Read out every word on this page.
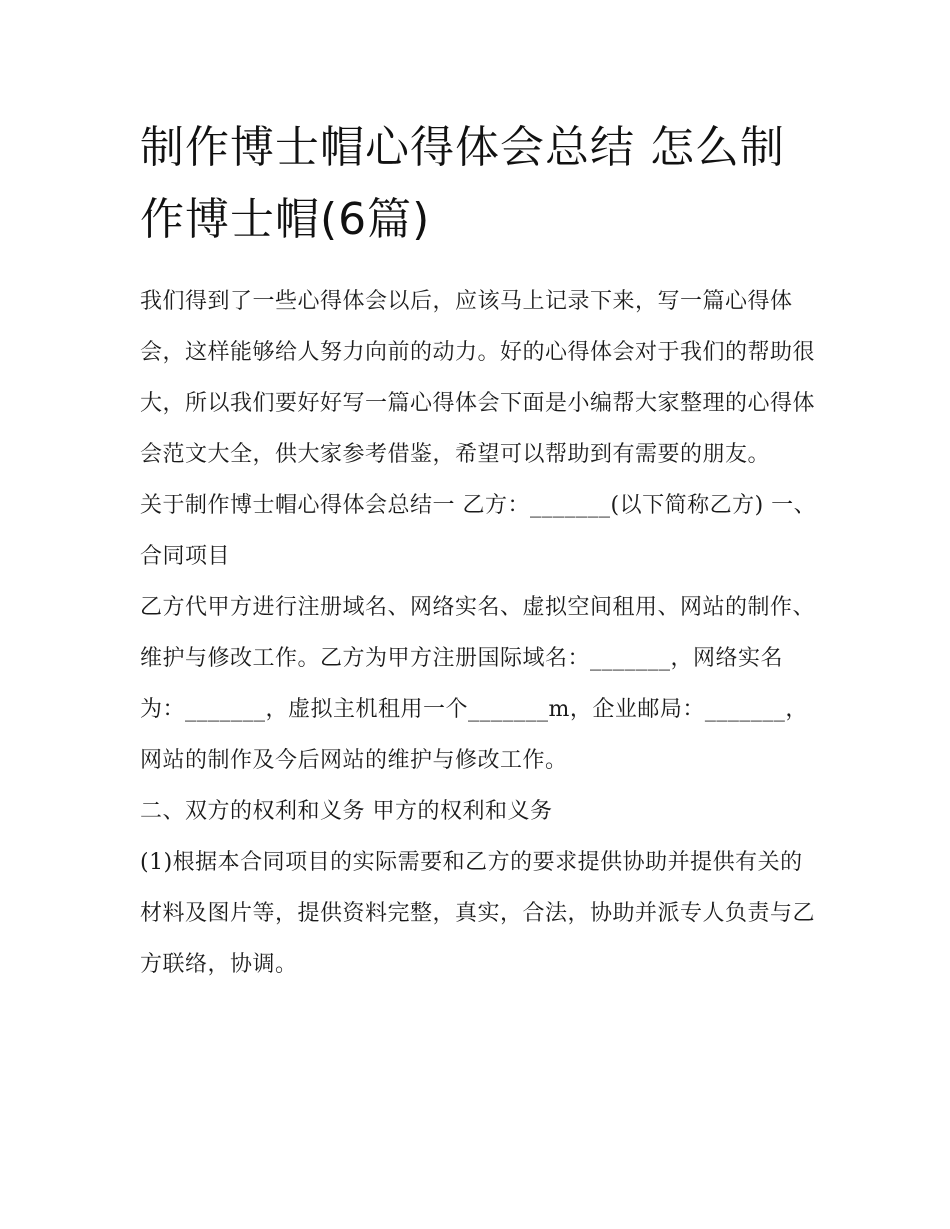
制作博士帽心得体会总结 怎么制作博士帽(6篇)

我们得到了一些心得体会以后，应该马上记录下来，写一篇心得体会，这样能够给人努力向前的动力。好的心得体会对于我们的帮助很大，所以我们要好好写一篇心得体会下面是小编帮大家整理的心得体会范文大全，供大家参考借鉴，希望可以帮助到有需要的朋友。

关于制作博士帽心得体会总结一 乙方：_______(以下简称乙方) 一、合同项目

乙方代甲方进行注册域名、网络实名、虚拟空间租用、网站的制作、维护与修改工作。乙方为甲方注册国际域名：_______，网络实名为：_______，虚拟主机租用一个_______m，企业邮局：_______，网站的制作及今后网站的维护与修改工作。

二、双方的权利和义务 甲方的权利和义务

(1)根据本合同项目的实际需要和乙方的要求提供协助并提供有关的材料及图片等，提供资料完整，真实，合法，协助并派专人负责与乙方联络，协调。
